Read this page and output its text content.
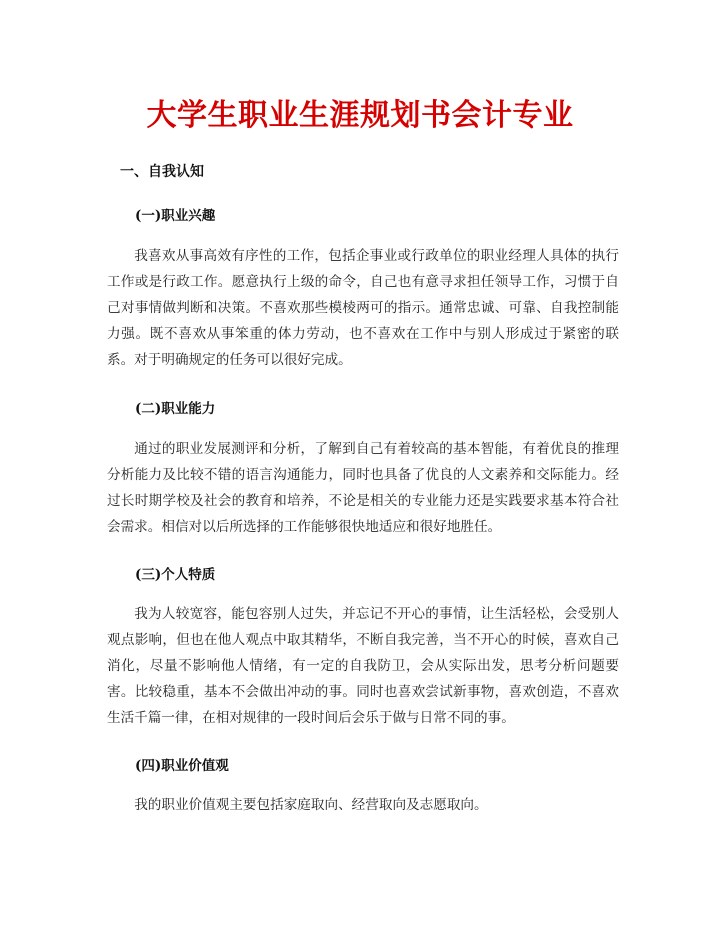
大学生职业生涯规划书会计专业
一、自我认知
(一)职业兴趣

我喜欢从事高效有序性的工作，包括企事业或行政单位的职业经理人具体的执行工作或是行政工作。愿意执行上级的命令，自己也有意寻求担任领导工作，习惯于自己对事情做判断和决策。不喜欢那些模棱两可的指示。通常忠诚、可靠、自我控制能力强。既不喜欢从事笨重的体力劳动，也不喜欢在工作中与别人形成过于紧密的联系。对于明确规定的任务可以很好完成。

(二)职业能力

通过的职业发展测评和分析，了解到自己有着较高的基本智能，有着优良的推理分析能力及比较不错的语言沟通能力，同时也具备了优良的人文素养和交际能力。经过长时期学校及社会的教育和培养，不论是相关的专业能力还是实践要求基本符合社会需求。相信对以后所选择的工作能够很快地适应和很好地胜任。

(三)个人特质

我为人较宽容，能包容别人过失，并忘记不开心的事情，让生活轻松，会受别人观点影响，但也在他人观点中取其精华，不断自我完善，当不开心的时候，喜欢自己消化，尽量不影响他人情绪，有一定的自我防卫，会从实际出发，思考分析问题要害。比较稳重，基本不会做出冲动的事。同时也喜欢尝试新事物，喜欢创造，不喜欢生活千篇一律，在相对规律的一段时间后会乐于做与日常不同的事。

(四)职业价值观

我的职业价值观主要包括家庭取向、经营取向及志愿取向。
